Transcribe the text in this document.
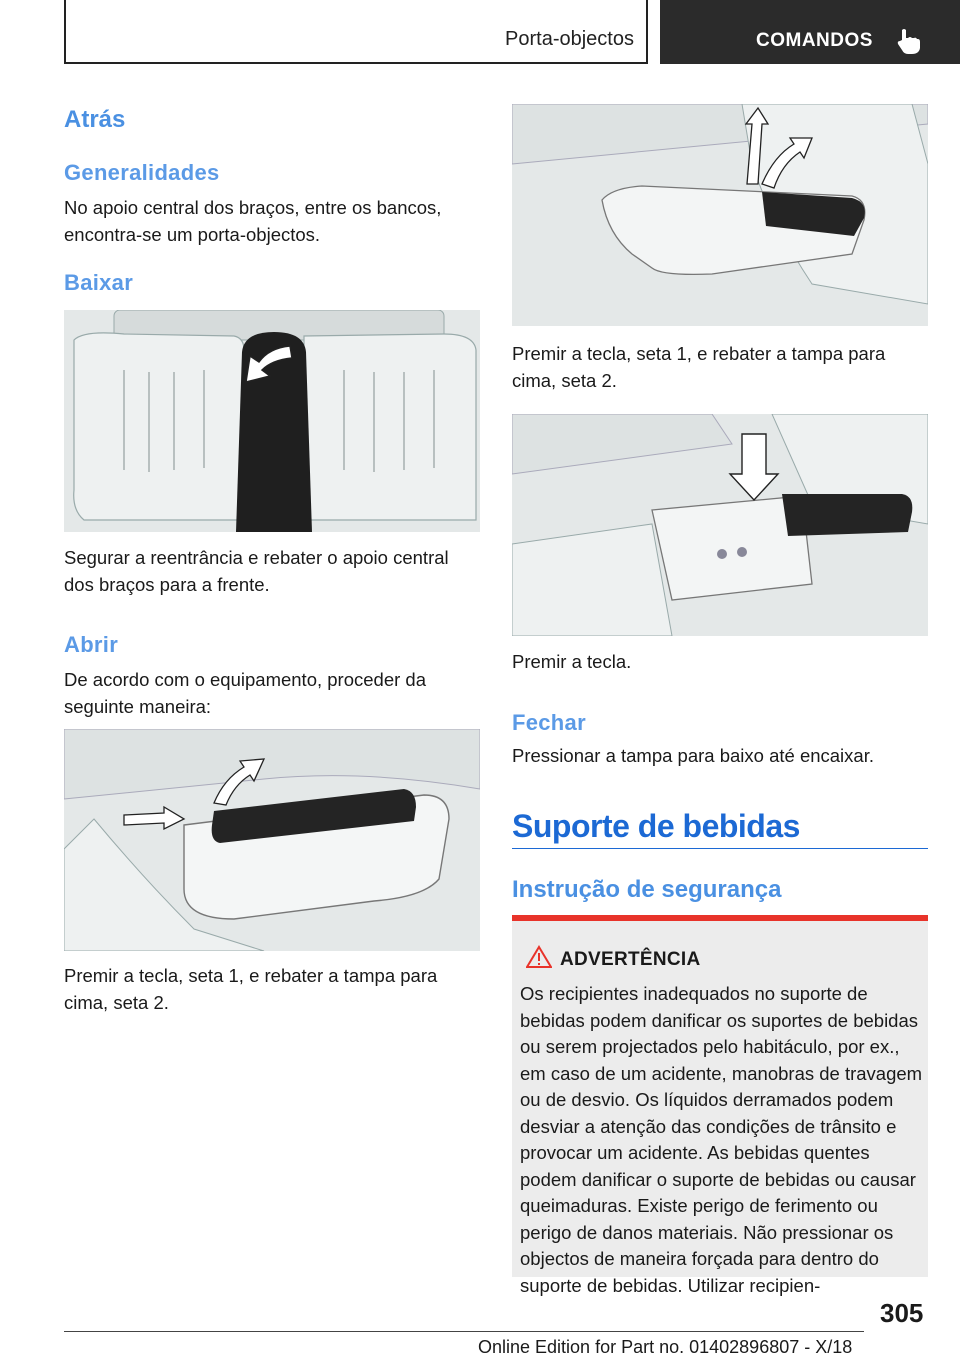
Porta-objectos	COMANDOS
Atrás
Generalidades

No apoio central dos braços, entre os bancos, encontra-se um porta-objectos.

Baixar

Segurar a reentrância e rebater o apoio central dos braços para a frente.

Abrir

De acordo com o equipamento, proceder da seguinte maneira:

Premir a tecla, seta 1, e rebater a tampa para cima, seta 2.

Premir a tecla, seta 1, e rebater a tampa para cima, seta 2.

Premir a tecla.

Fechar

Pressionar a tampa para baixo até encaixar.

Suporte de bebidas
Instrução de segurança
ADVERTÊNCIA
Os recipientes inadequados no suporte de bebidas podem danificar os suportes de bebidas ou serem projectados pelo habitáculo, por ex., em caso de um acidente, manobras de travagem ou de desvio. Os líquidos derramados podem desviar a atenção das condições de trânsito e provocar um acidente. As bebidas quentes podem danificar o suporte de bebidas ou causar queimaduras. Existe perigo de ferimento ou perigo de danos materiais. Não pressionar os objectos de maneira forçada para dentro do suporte de bebidas. Utilizar recipien-
305
Online Edition for Part no. 01402896807 - X/18
